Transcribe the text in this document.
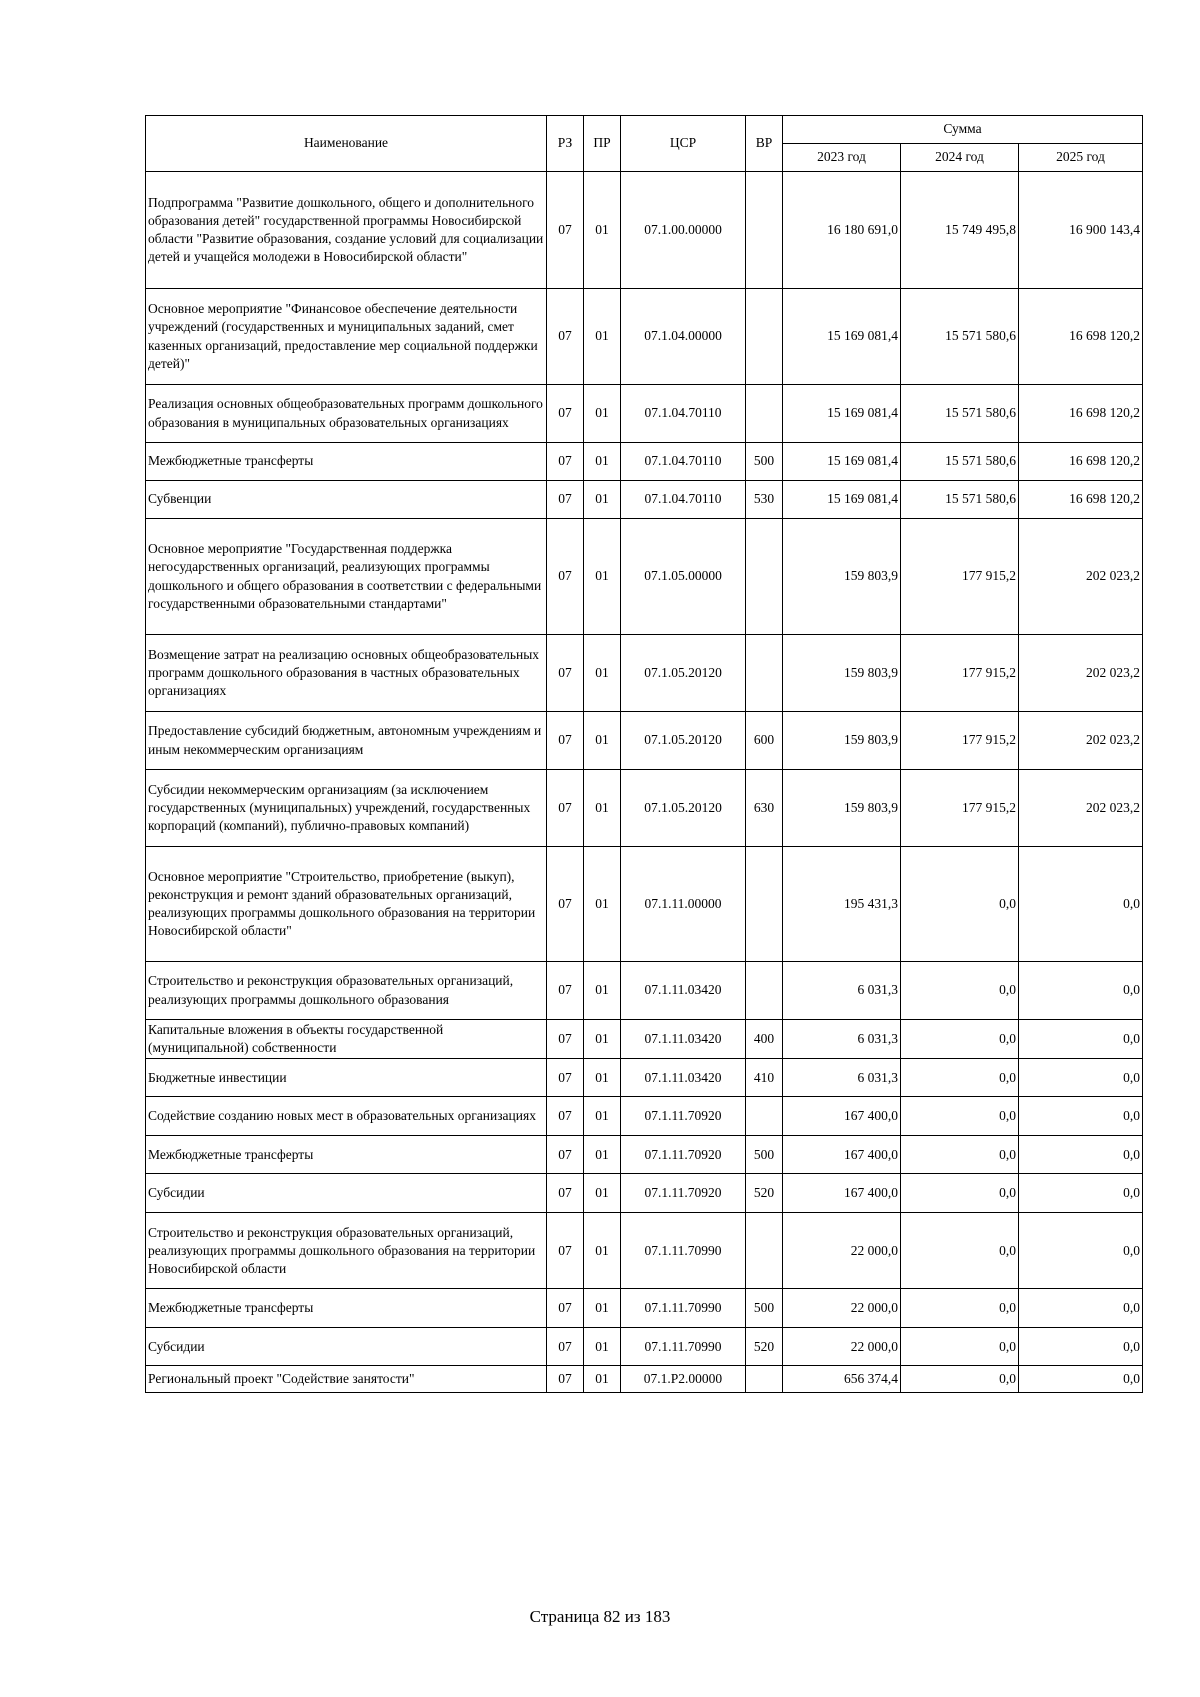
Наименование	РЗ	ПР	ЦСР	ВР	Сумма		
					2023 год	2024 год	2025 год
Подпрограмма "Развитие дошкольного, общего и дополнительного образования детей" государственной программы Новосибирской области "Развитие образования, создание условий для социализации детей и учащейся молодежи в Новосибирской области"	07	01	07.1.00.00000		16 180 691,0	15 749 495,8	16 900 143,4
Основное мероприятие "Финансовое обеспечение деятельности учреждений (государственных и муниципальных заданий, смет казенных организаций, предоставление мер социальной поддержки детей)"	07	01	07.1.04.00000		15 169 081,4	15 571 580,6	16 698 120,2
Реализация основных общеобразовательных программ дошкольного образования в муниципальных образовательных организациях	07	01	07.1.04.70110		15 169 081,4	15 571 580,6	16 698 120,2
Межбюджетные трансферты	07	01	07.1.04.70110	500	15 169 081,4	15 571 580,6	16 698 120,2
Субвенции	07	01	07.1.04.70110	530	15 169 081,4	15 571 580,6	16 698 120,2
Основное мероприятие "Государственная поддержка негосударственных организаций, реализующих программы дошкольного и общего образования в соответствии с федеральными государственными образовательными стандартами"	07	01	07.1.05.00000		159 803,9	177 915,2	202 023,2
Возмещение затрат на реализацию основных общеобразовательных программ дошкольного образования в частных образовательных организациях	07	01	07.1.05.20120		159 803,9	177 915,2	202 023,2
Предоставление субсидий бюджетным, автономным учреждениям и иным некоммерческим организациям	07	01	07.1.05.20120	600	159 803,9	177 915,2	202 023,2
Субсидии некоммерческим организациям (за исключением государственных (муниципальных) учреждений, государственных корпораций (компаний), публично-правовых компаний)	07	01	07.1.05.20120	630	159 803,9	177 915,2	202 023,2
Основное мероприятие "Строительство, приобретение (выкуп), реконструкция и ремонт зданий образовательных организаций, реализующих программы дошкольного образования на территории Новосибирской области"	07	01	07.1.11.00000		195 431,3	0,0	0,0
Строительство и реконструкция образовательных организаций, реализующих программы дошкольного образования	07	01	07.1.11.03420		6 031,3	0,0	0,0
Капитальные вложения в объекты государственной (муниципальной) собственности	07	01	07.1.11.03420	400	6 031,3	0,0	0,0
Бюджетные инвестиции	07	01	07.1.11.03420	410	6 031,3	0,0	0,0
Содействие созданию новых мест в образовательных организациях	07	01	07.1.11.70920		167 400,0	0,0	0,0
Межбюджетные трансферты	07	01	07.1.11.70920	500	167 400,0	0,0	0,0
Субсидии	07	01	07.1.11.70920	520	167 400,0	0,0	0,0
Строительство и реконструкция образовательных организаций, реализующих программы дошкольного образования на территории Новосибирской области	07	01	07.1.11.70990		22 000,0	0,0	0,0
Межбюджетные трансферты	07	01	07.1.11.70990	500	22 000,0	0,0	0,0
Субсидии	07	01	07.1.11.70990	520	22 000,0	0,0	0,0
Региональный проект "Содействие занятости"	07	01	07.1.P2.00000		656 374,4	0,0	0,0
Страница 82 из 183
